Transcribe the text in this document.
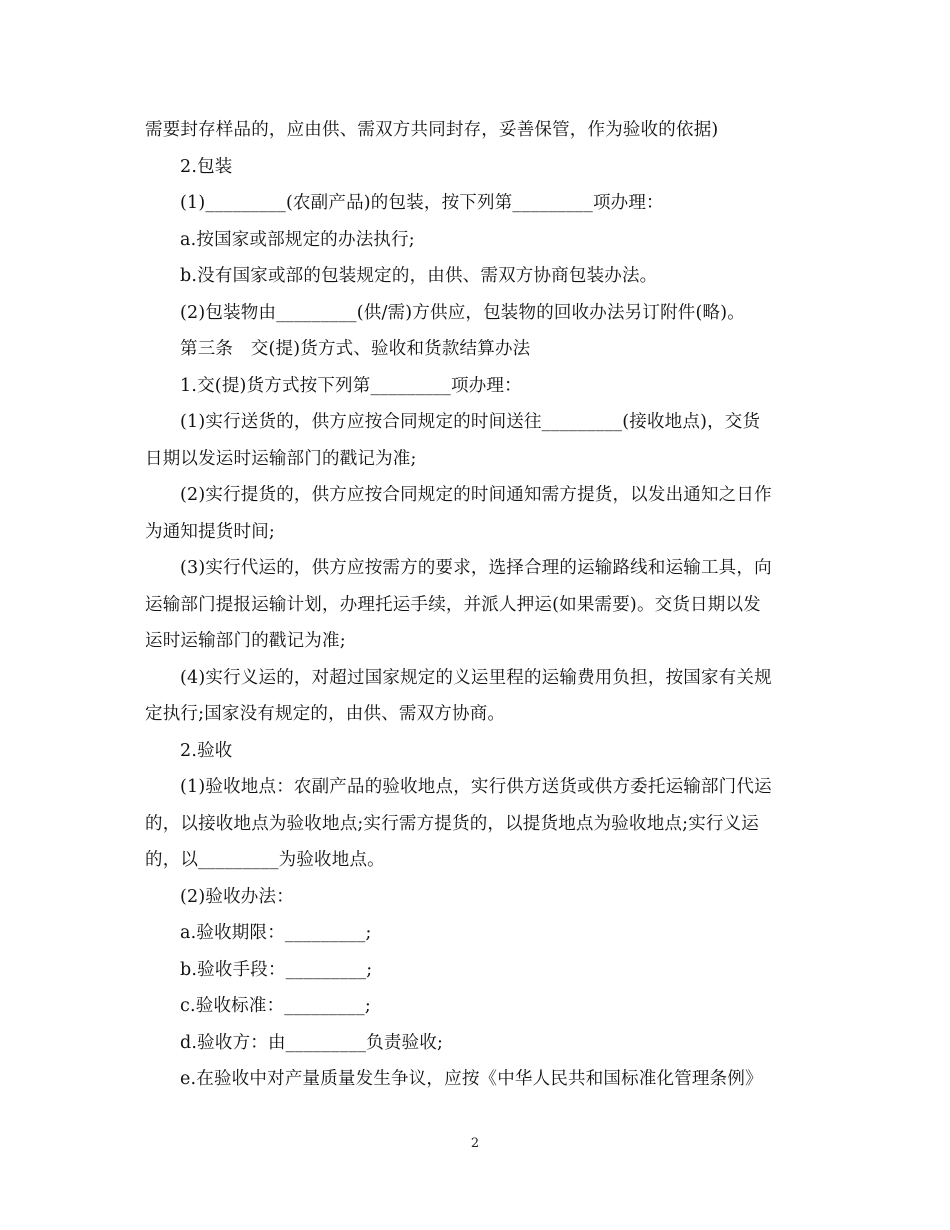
需要封存样品的，应由供、需双方共同封存，妥善保管，作为验收的依据)
2.包装
(1)_________(农副产品)的包装，按下列第_________项办理：
a.按国家或部规定的办法执行;
b.没有国家或部的包装规定的，由供、需双方协商包装办法。
(2)包装物由_________(供/需)方供应，包装物的回收办法另订附件(略)。
第三条　交(提)货方式、验收和货款结算办法
1.交(提)货方式按下列第_________项办理：
(1)实行送货的，供方应按合同规定的时间送往_________(接收地点)，交货
日期以发运时运输部门的戳记为准;
(2)实行提货的，供方应按合同规定的时间通知需方提货，以发出通知之日作
为通知提货时间;
(3)实行代运的，供方应按需方的要求，选择合理的运输路线和运输工具，向
运输部门提报运输计划，办理托运手续，并派人押运(如果需要)。交货日期以发
运时运输部门的戳记为准;
(4)实行义运的，对超过国家规定的义运里程的运输费用负担，按国家有关规
定执行;国家没有规定的，由供、需双方协商。
2.验收
(1)验收地点：农副产品的验收地点，实行供方送货或供方委托运输部门代运
的，以接收地点为验收地点;实行需方提货的，以提货地点为验收地点;实行义运
的，以_________为验收地点。
(2)验收办法：
a.验收期限：_________;
b.验收手段：_________;
c.验收标准：_________;
d.验收方：由_________负责验收;
e.在验收中对产量质量发生争议，应按《中华人民共和国标准化管理条例》
2
